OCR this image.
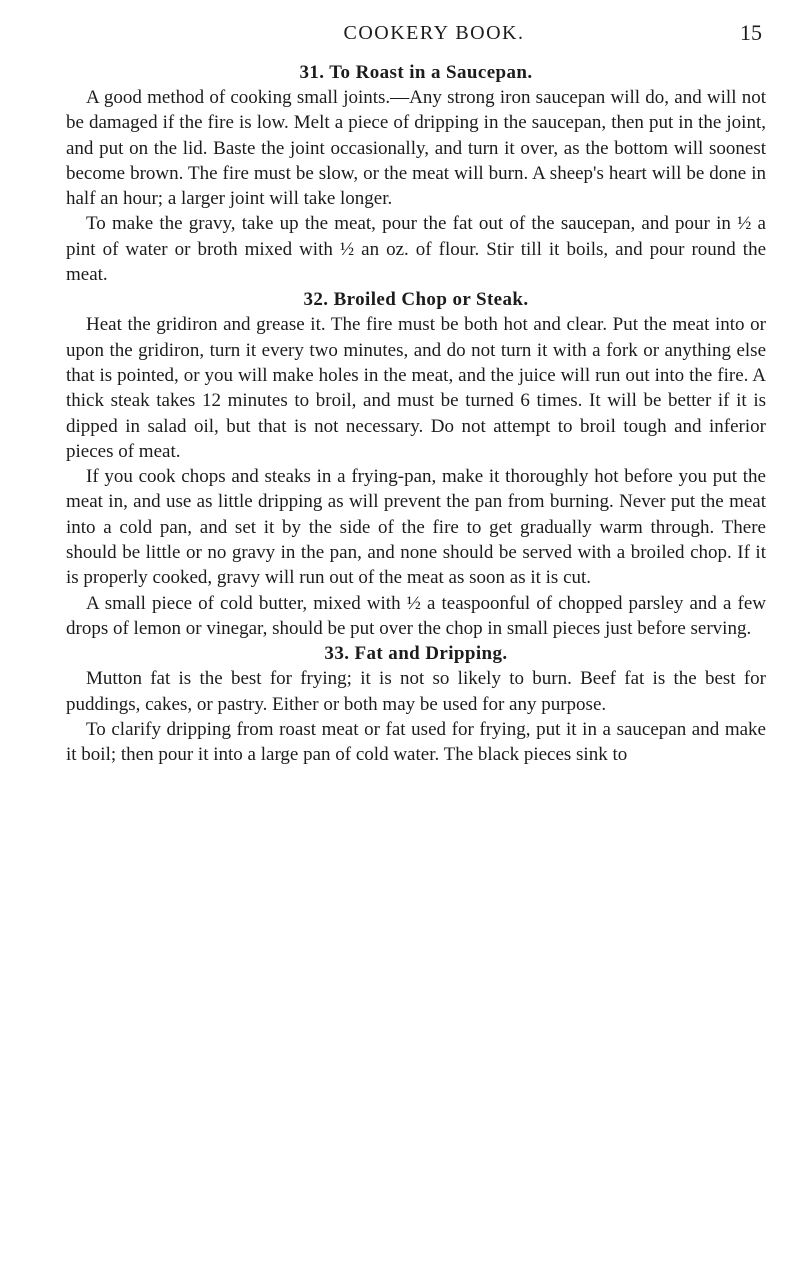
COOKERY BOOK.	15
31. To Roast in a Saucepan.

A good method of cooking small joints.—Any strong iron saucepan will do, and will not be damaged if the fire is low. Melt a piece of dripping in the saucepan, then put in the joint, and put on the lid. Baste the joint occasionally, and turn it over, as the bottom will soonest become brown. The fire must be slow, or the meat will burn. A sheep's heart will be done in half an hour; a larger joint will take longer.

To make the gravy, take up the meat, pour the fat out of the saucepan, and pour in ½ a pint of water or broth mixed with ½ an oz. of flour. Stir till it boils, and pour round the meat.

32. Broiled Chop or Steak.

Heat the gridiron and grease it. The fire must be both hot and clear. Put the meat into or upon the gridiron, turn it every two minutes, and do not turn it with a fork or anything else that is pointed, or you will make holes in the meat, and the juice will run out into the fire. A thick steak takes 12 minutes to broil, and must be turned 6 times. It will be better if it is dipped in salad oil, but that is not necessary. Do not attempt to broil tough and inferior pieces of meat.

If you cook chops and steaks in a frying-pan, make it thoroughly hot before you put the meat in, and use as little dripping as will prevent the pan from burning. Never put the meat into a cold pan, and set it by the side of the fire to get gradually warm through. There should be little or no gravy in the pan, and none should be served with a broiled chop. If it is properly cooked, gravy will run out of the meat as soon as it is cut.

A small piece of cold butter, mixed with ½ a teaspoonful of chopped parsley and a few drops of lemon or vinegar, should be put over the chop in small pieces just before serving.

33. Fat and Dripping.

Mutton fat is the best for frying; it is not so likely to burn. Beef fat is the best for puddings, cakes, or pastry. Either or both may be used for any purpose.

To clarify dripping from roast meat or fat used for frying, put it in a saucepan and make it boil; then pour it into a large pan of cold water. The black pieces sink to
